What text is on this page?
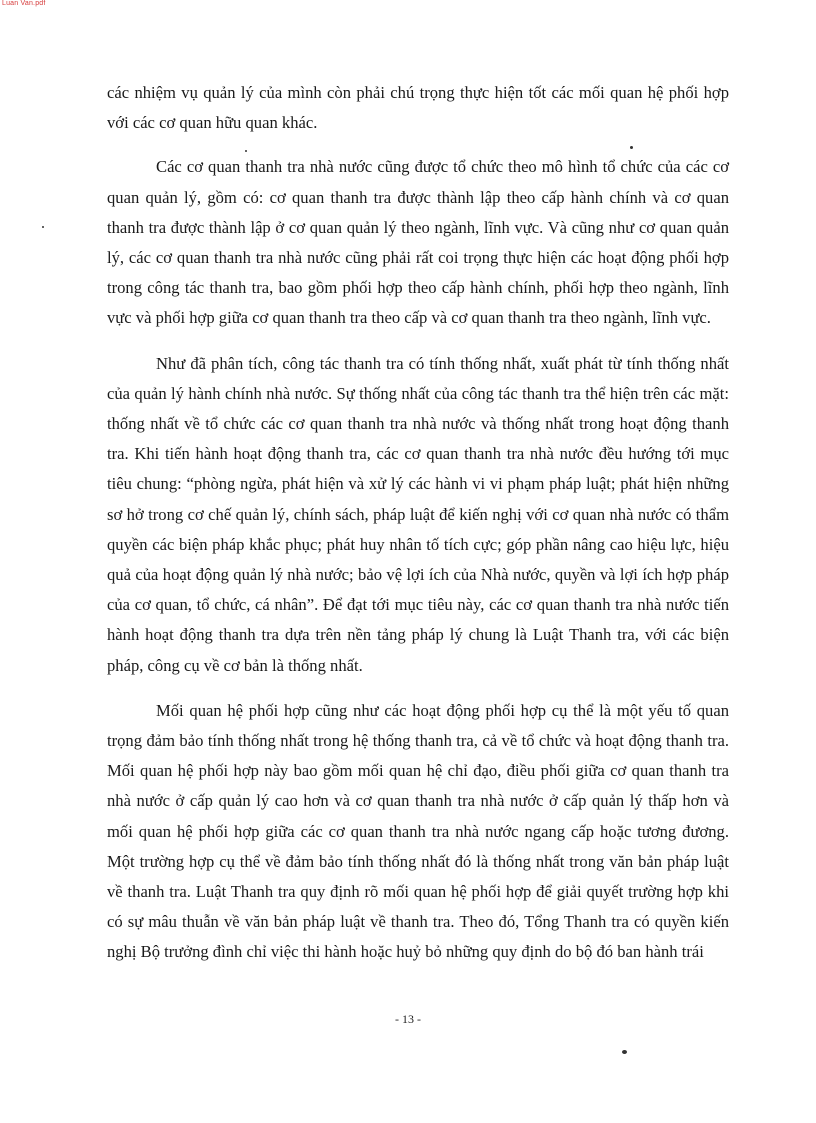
Luan Van.pdf

các nhiệm vụ quản lý của mình còn phải chú trọng thực hiện tốt các mối quan hệ phối hợp với các cơ quan hữu quan khác.

Các cơ quan thanh tra nhà nước cũng được tổ chức theo mô hình tổ chức của các cơ quan quản lý, gồm có: cơ quan thanh tra được thành lập theo cấp hành chính và cơ quan thanh tra được thành lập ở cơ quan quản lý theo ngành, lĩnh vực. Và cũng như cơ quan quản lý, các cơ quan thanh tra nhà nước cũng phải rất coi trọng thực hiện các hoạt động phối hợp trong công tác thanh tra, bao gồm phối hợp theo cấp hành chính, phối hợp theo ngành, lĩnh vực và phối hợp giữa cơ quan thanh tra theo cấp và cơ quan thanh tra theo ngành, lĩnh vực.

Như đã phân tích, công tác thanh tra có tính thống nhất, xuất phát từ tính thống nhất của quản lý hành chính nhà nước. Sự thống nhất của công tác thanh tra thể hiện trên các mặt: thống nhất về tổ chức các cơ quan thanh tra nhà nước và thống nhất trong hoạt động thanh tra. Khi tiến hành hoạt động thanh tra, các cơ quan thanh tra nhà nước đều hướng tới mục tiêu chung: “phòng ngừa, phát hiện và xử lý các hành vi vi phạm pháp luật; phát hiện những sơ hở trong cơ chế quản lý, chính sách, pháp luật để kiến nghị với cơ quan nhà nước có thẩm quyền các biện pháp khắc phục; phát huy nhân tố tích cực; góp phần nâng cao hiệu lực, hiệu quả của hoạt động quản lý nhà nước; bảo vệ lợi ích của Nhà nước, quyền và lợi ích hợp pháp của cơ quan, tổ chức, cá nhân”. Để đạt tới mục tiêu này, các cơ quan thanh tra nhà nước tiến hành hoạt động thanh tra dựa trên nền tảng pháp lý chung là Luật Thanh tra, với các biện pháp, công cụ về cơ bản là thống nhất.

Mối quan hệ phối hợp cũng như các hoạt động phối hợp cụ thể là một yếu tố quan trọng đảm bảo tính thống nhất trong hệ thống thanh tra, cả về tổ chức và hoạt động thanh tra. Mối quan hệ phối hợp này bao gồm mối quan hệ chỉ đạo, điều phối giữa cơ quan thanh tra nhà nước ở cấp quản lý cao hơn và cơ quan thanh tra nhà nước ở cấp quản lý thấp hơn và mối quan hệ phối hợp giữa các cơ quan thanh tra nhà nước ngang cấp hoặc tương đương. Một trường hợp cụ thể về đảm bảo tính thống nhất đó là thống nhất trong văn bản pháp luật về thanh tra. Luật Thanh tra quy định rõ mối quan hệ phối hợp để giải quyết trường hợp khi có sự mâu thuẫn về văn bản pháp luật về thanh tra. Theo đó, Tổng Thanh tra có quyền kiến nghị Bộ trưởng đình chỉ việc thi hành hoặc huỷ bỏ những quy định do bộ đó ban hành trái

- 13 -
